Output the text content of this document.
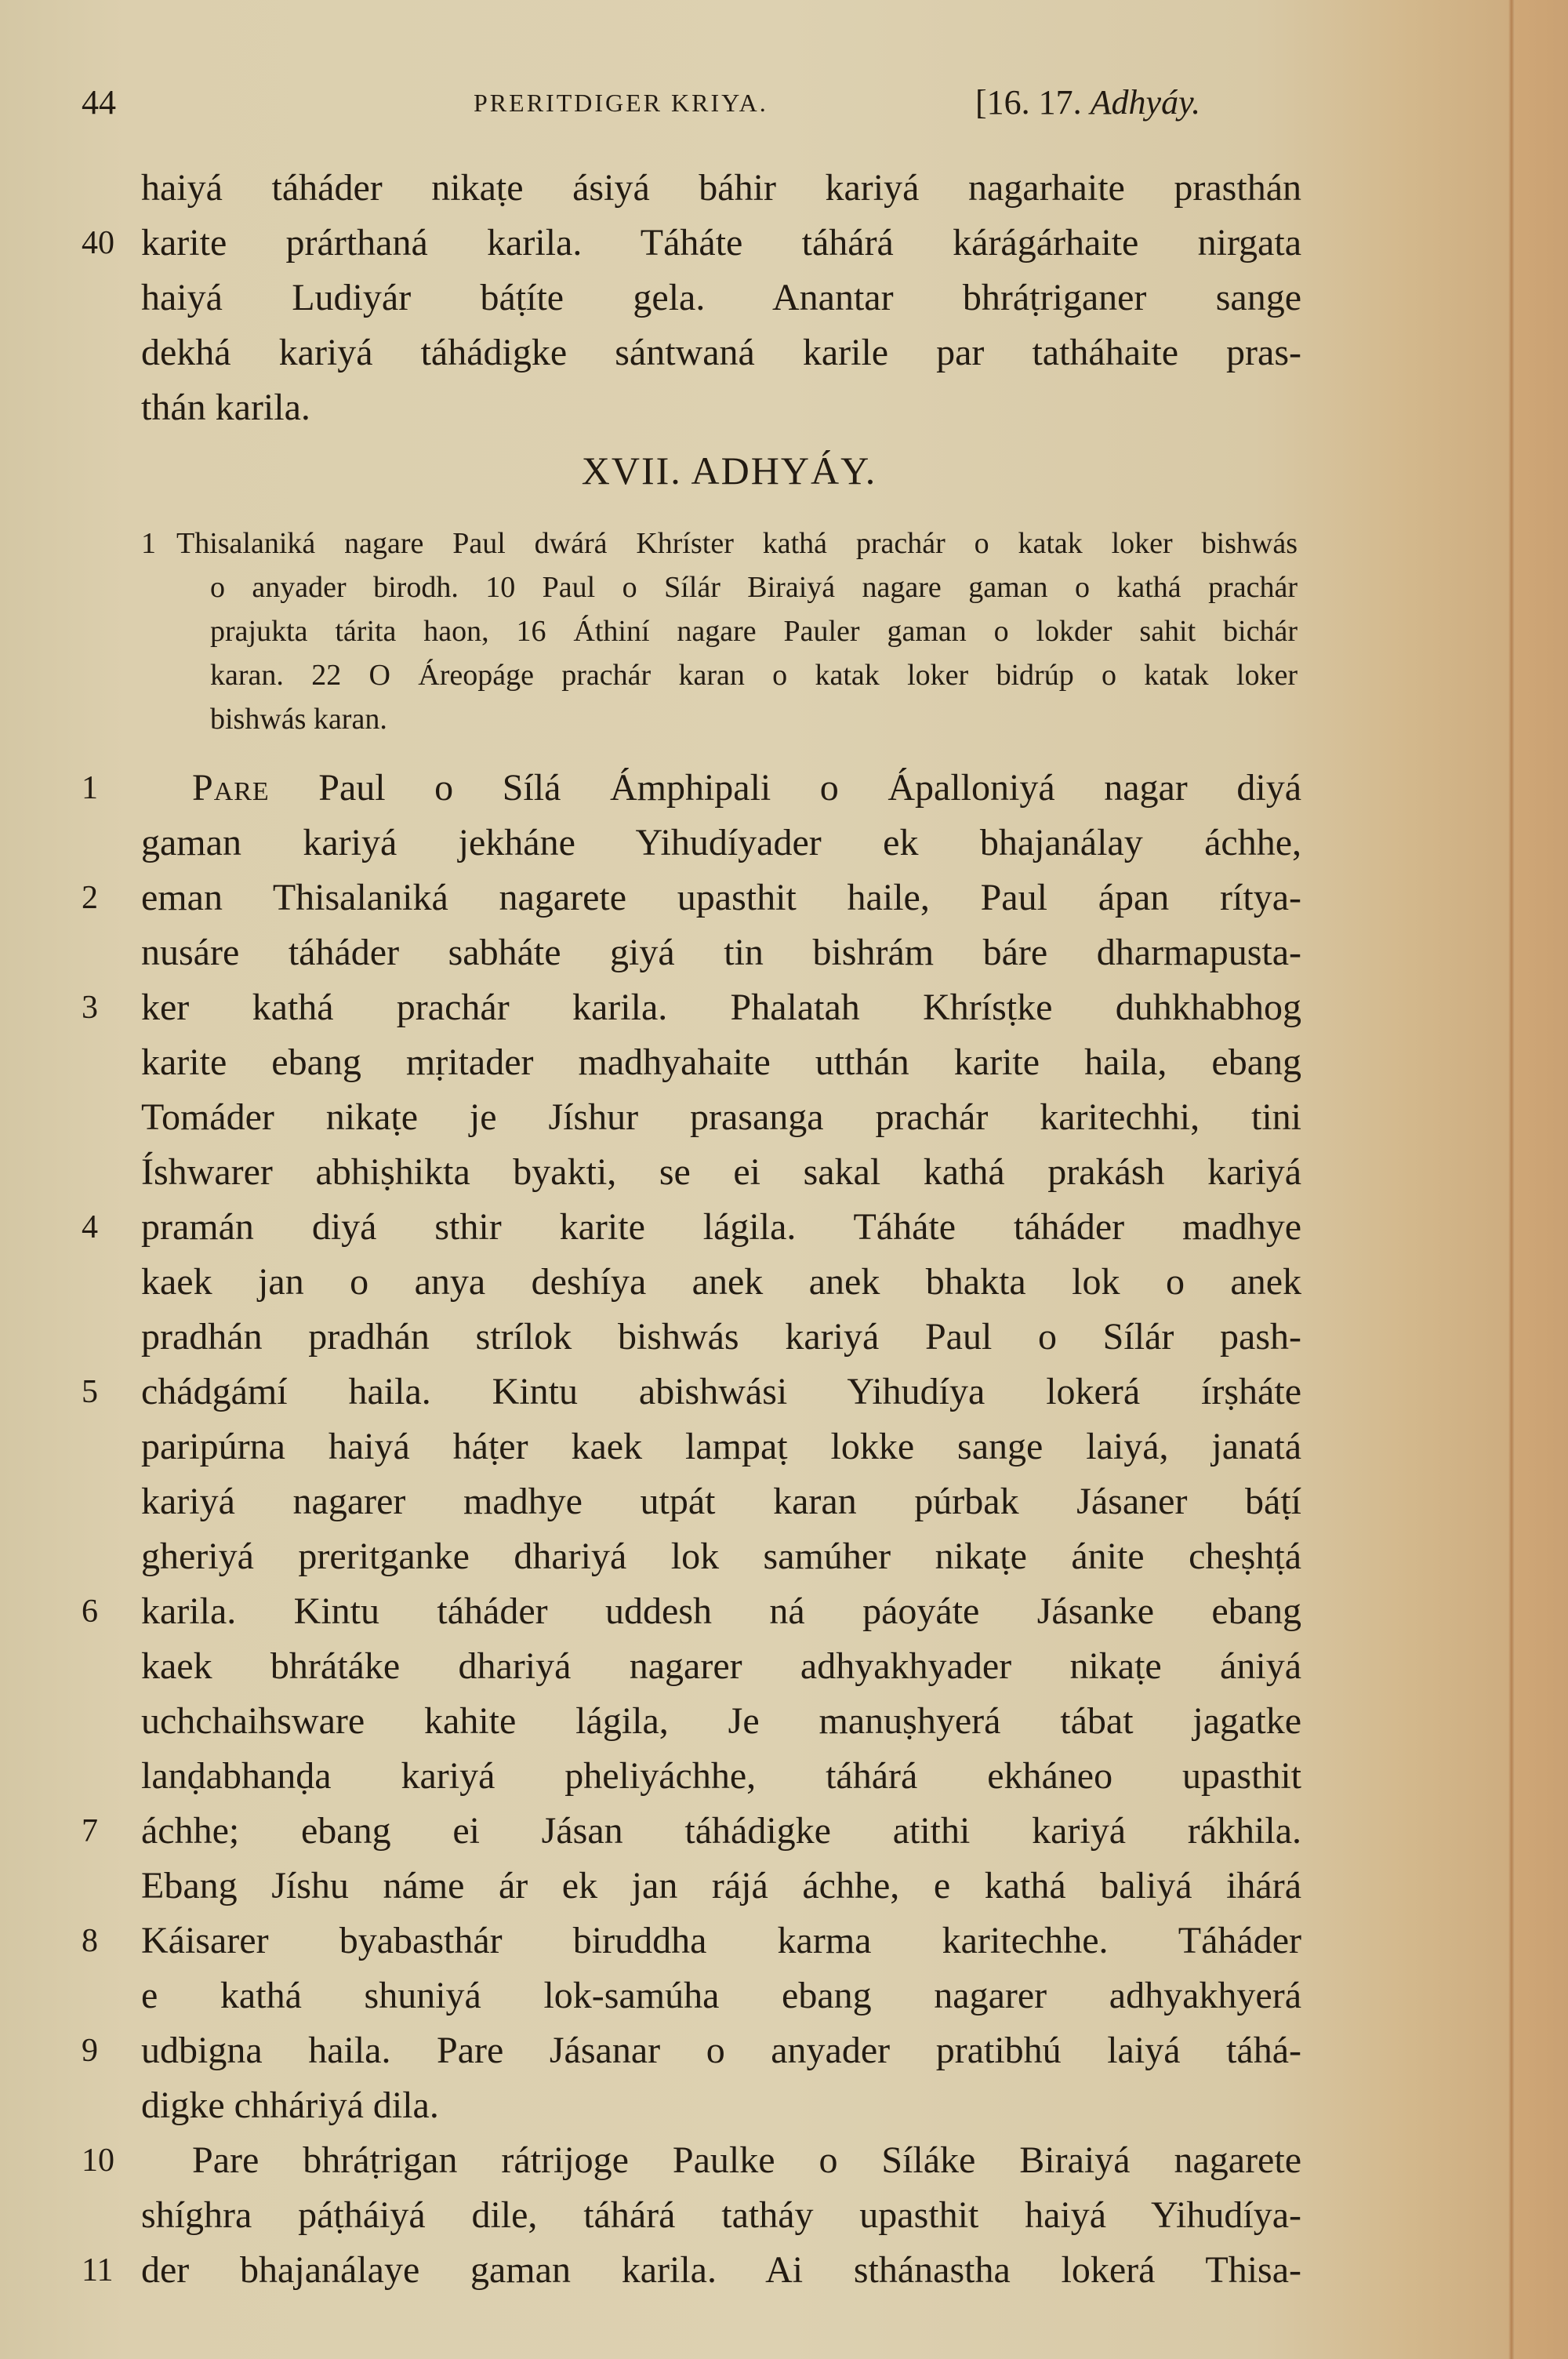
44	PRERITDIGER KRIYA.	[16. 17. Adhyáy.
haiyá táháder nikaṭe ásiyá báhir kariyá nagarhaite prasthán
40 karite prárthaná karila. Táháte táhárá kárágárhaite nirgata
haiyá Ludiyár báṭíte gela. Anantar bhráṭriganer sange
dekhá kariyá táhádigke sántwaná karile par tatháhaite pras-
thán karila.
XVII. ADHYÁY.
1 Thisalaniká nagare Paul dwárá Khríster kathá prachár o katak loker bishwás
o anyader birodh. 10 Paul o Sílár Biraiyá nagare gaman o kathá prachár
prajukta tárita haon, 16 Áthiní nagare Pauler gaman o lokder sahit bichár
karan. 22 O Áreopáge prachár karan o katak loker bidrúp o katak loker
bishwás karan.
1	Pare Paul o Sílá Ámphipali o Ápalloniyá nagar diyá
gaman kariyá jekháne Yihudíyader ek bhajanálay áchhe,
2	eman Thisalaniká nagarete upasthit haile, Paul ápan rítya-
nusáre táháder sabháte giyá tin bishrám báre dharmapusta-
3	ker kathá prachár karila. Phalatah Khrísṭke duhkhabhog
karite ebang mṛitader madhyahaite utthán karite haila, ebang
Tomáder nikaṭe je Jíshur prasanga prachár karitechhi, tini
Íshwarer abhiṣhikta byakti, se ei sakal kathá prakásh kariyá
4	pramán diyá sthir karite lágila. Táháte táháder madhye
kaek jan o anya deshíya anek anek bhakta lok o anek
pradhán pradhán strílok bishwás kariyá Paul o Sílár pash-
5	chádgámí haila. Kintu abishwási Yihudíya lokerá írṣháte
paripúrna haiyá háṭer kaek lampaṭ lokke sange laiyá, janatá
kariyá nagarer madhye utpát karan púrbak Jásaner báṭí
gheriyá preritganke dhariyá lok samúher nikaṭe ánite cheṣhṭá
6	karila. Kintu táháder uddesh ná páoyáte Jásanke ebang
kaek bhrátáke dhariyá nagarer adhyakhyader nikaṭe ániyá
uchchaihsware kahite lágila, Je manuṣhyerá tábat jagatke
lanḍabhanḍa kariyá pheliyáchhe, táhárá ekháneo upasthit
7	áchhe; ebang ei Jásan táhádigke atithi kariyá rákhila.
Ebang Jíshu náme ár ek jan rájá áchhe, e kathá baliyá ihárá
8	Káisarer byabasthár biruddha karma karitechhe. Táháder
e kathá shuniyá lok-samúha ebang nagarer adhyakhyerá
9	udbigna haila. Pare Jásanar o anyader pratibhú laiyá táhá-
digke chháriyá dila.
10	Pare bhráṭrigan rátrijoge Paulke o Síláke Biraiyá nagarete
shíghra páṭháiyá dile, táhárá tatháy upasthit haiyá Yihudíya-
11 der bhajanálaye gaman karila. Ai sthánastha lokerá Thisa-
